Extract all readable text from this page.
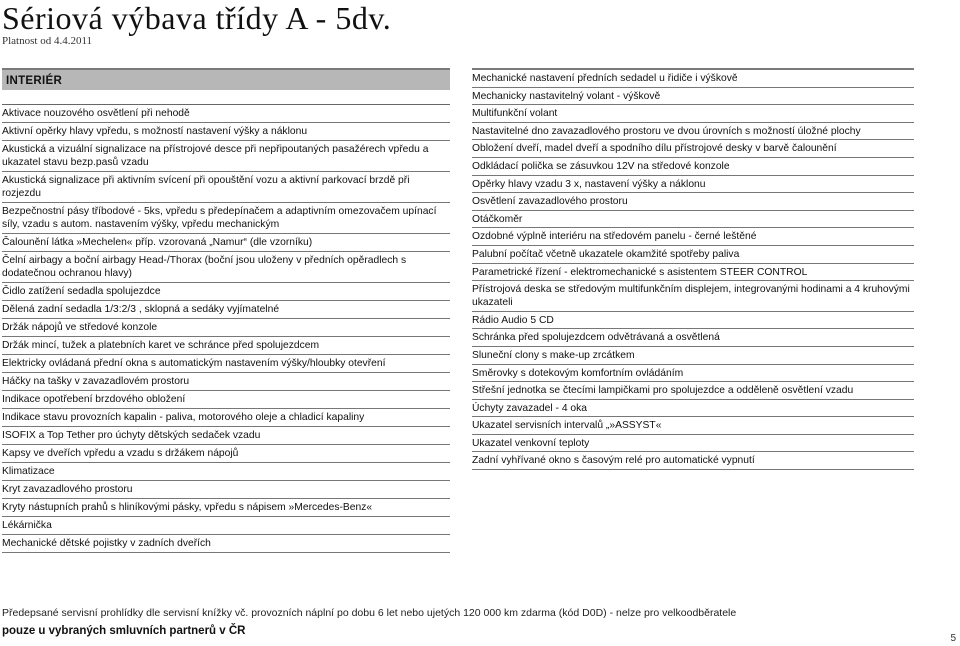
Sériová výbava třídy A - 5dv.
Platnost od 4.4.2011
INTERIÉR
Aktivace nouzového osvětlení při nehodě
Aktivní opěrky hlavy vpředu, s možností nastavení výšky a náklonu
Akustická a vizuální signalizace na přístrojové desce při nepřipoutaných pasažérech vpředu a ukazatel stavu bezp.pasů vzadu
Akustická signalizace při aktivním svícení při opouštění vozu a aktivní parkovací brzdě při rozjezdu
Bezpečnostní pásy tříbodové - 5ks, vpředu s předepínačem a adaptivním omezovačem upínací síly, vzadu s autom. nastavením výšky, vpředu mechanickým
Čalounění látka »Mechelen« příp. vzorovaná „Namur“ (dle vzorníku)
Čelní airbagy a boční airbagy Head-/Thorax (boční jsou uloženy v předních opěradlech s dodatečnou ochranou hlavy)
Čidlo zatížení sedadla spolujezdce
Dělená zadní sedadla 1/3:2/3 , sklopná a sedáky vyjímatelné
Držák nápojů ve středové konzole
Držák mincí, tužek a platebních karet ve schránce před spolujezdcem
Elektricky ovládaná přední okna s automatickým nastavením výšky/hloubky otevření
Háčky na tašky v zavazadlovém prostoru
Indikace opotřebení brzdového obložení
Indikace stavu provozních kapalin - paliva, motorového oleje a chladicí kapaliny
ISOFIX a Top Tether pro úchyty dětských sedaček vzadu
Kapsy ve dveřích vpředu a vzadu s držákem nápojů
Klimatizace
Kryt zavazadlového prostoru
Kryty nástupních prahů s hliníkovými pásky, vpředu s nápisem »Mercedes-Benz«
Lékárnička
Mechanické dětské pojistky v zadních dveřích
Mechanické nastavení předních sedadel u řidiče i výškově
Mechanicky nastavitelný volant - výškově
Multifunkční volant
Nastavitelné dno zavazadlového prostoru ve dvou úrovních s možností úložné plochy
Obložení dveří, madel dveří a spodního dílu přístrojové desky v barvě čalounění
Odkládací polička se zásuvkou 12V na středové konzole
Opěrky hlavy vzadu 3 x, nastavení výšky a náklonu
Osvětlení zavazadlového prostoru
Otáčkoměr
Ozdobné výplně interiéru na středovém panelu - černé leštěné
Palubní počítač včetně ukazatele okamžité spotřeby paliva
Parametrické řízení - elektromechanické s asistentem STEER CONTROL
Přístrojová deska se středovým multifunkčním displejem, integrovanými hodinami a 4 kruhovými ukazateli
Rádio Audio 5 CD
Schránka před spolujezdcem odvětrávaná a osvětlená
Sluneční clony s make-up zrcátkem
Směrovky s dotekovým komfortním ovládáním
Střešní jednotka se čtecími lampičkami pro spolujezdce a odděleně osvětlení vzadu
Úchyty zavazadel - 4 oka
Ukazatel servisních intervalů „»ASSYST«
Ukazatel venkovní teploty
Zadní vyhřívané okno s časovým relé pro automatické vypnutí
Předepsané servisní prohlídky dle servisní knížky vč. provozních náplní po dobu 6 let nebo ujetých 120 000 km zdarma (kód D0D) - nelze pro velkoodběratele
pouze u vybraných smluvních partnerů v ČR
5
